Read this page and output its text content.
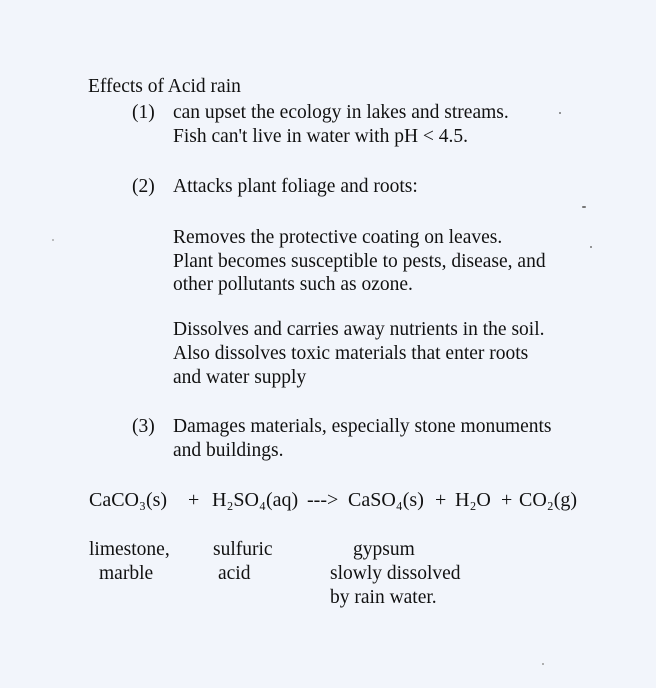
Effects of Acid rain
(1) can upset the ecology in lakes and streams.
Fish can't live in water with pH < 4.5.
(2) Attacks plant foliage and roots:
Removes the protective coating on leaves.
Plant becomes susceptible to pests, disease, and
other pollutants such as ozone.
Dissolves and carries away nutrients in the soil.
Also dissolves toxic materials that enter roots
and water supply
(3) Damages materials, especially stone monuments
and buildings.
CaCO₃(s) + H₂SO₄(aq) ---> CaSO₄(s) + H₂O + CO₂(g)
limestone,
marble
sulfuric
acid
gypsum
slowly dissolved
by rain water.
